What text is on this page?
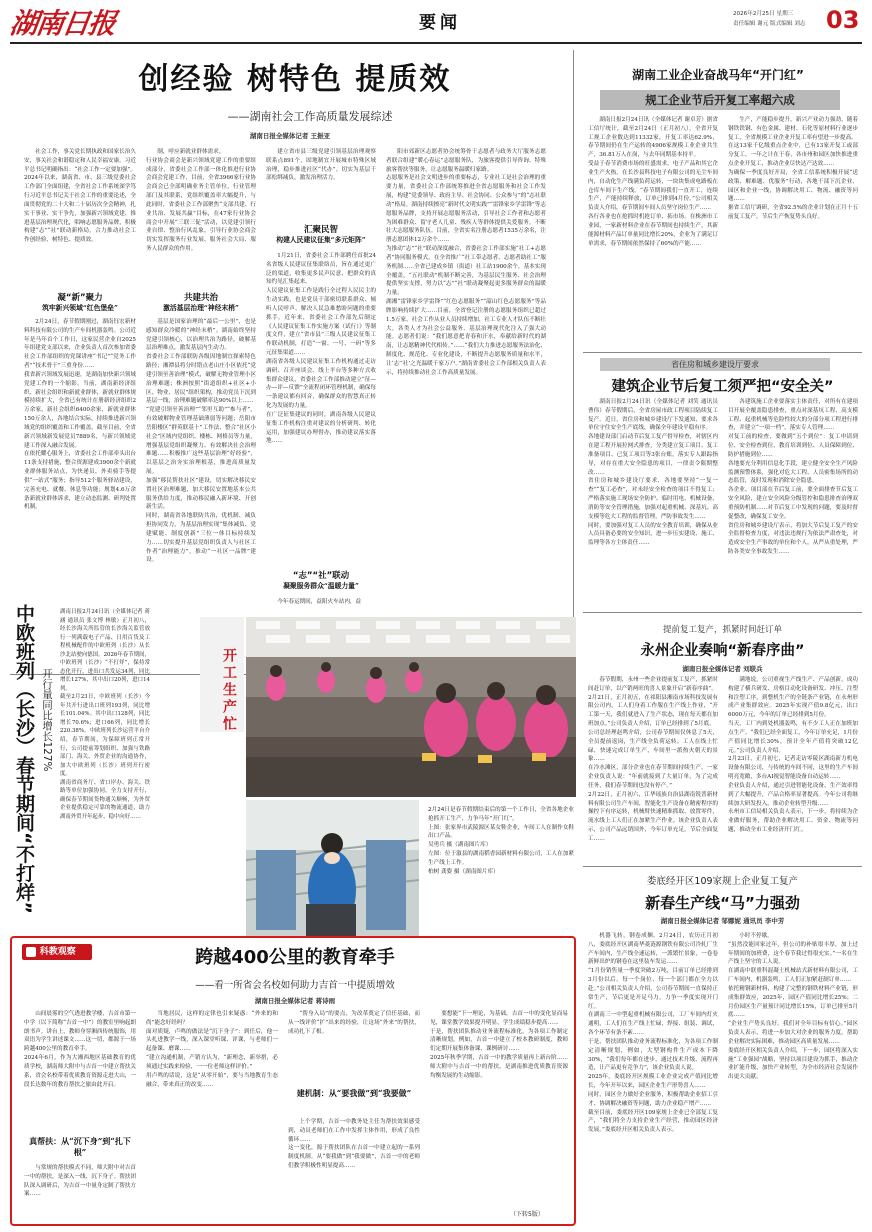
湖南日报	要闻	2026年2月25日 星期三
责任编辑 谢元 版式编辑 刘志 03
创经验 树特色 提质效
——湖南社会工作高质量发展综述
湖南日报全媒体记者 王振亚
社会工作，事关党长期执政和国家长治久安，事关社会和谐稳定和人民幸福安康。习近平总书记明确指出：“社会工作一定要加强”。
2024年以来，湖南省、市、县三级党委社会工作部门全面组建，全省社会工作系统深学笃行习近平总书记关于社会工作的重要论述，全面贯彻党的二十大和二十届历次全会精神，扎实干事业、实干争先，加强新兴领域党建、推进基层治理现代化，唱响志愿服务品牌，积极构建“志”“社”联动新格局，合力推动社会工作创经验、树特色、提质效。
凝“新”聚力
筑牢新兴领域“红色堡垒”
2月24日，春节假期刚过，湖南钰宏新材料科技有限公司的生产车间机器轰鸣。公司近年是马年首个工作日，这家民营企业自2025年组建党支部以来，企业负责人首次参加省委社会工作部组织的党课讲座“书记”“党务工作者”“技术骨干”三重身份……
我省新兴领域发展迅速，是湖南加快新兴领域党建工作的一个缩影。当前，湖南新经济组织、新社会组织和新就业群体，新就业群体规模持续扩大，全省已有统计在册新经济组织2万余家，新社会组织6400余家，新就业群体150万余人，各地结合实际，持续推进新兴领域党的组织覆盖和工作覆盖。截至目前，全省新兴领域新发展党员7889名，与新兴领域党建工作深入融合发展。
在依托耀心服务上，省委社会工作部牵头出台11条支持措施，整合资源建成3900余个新就业群体服务站点，为快递员、外卖骑手等提供“一站式”服务；指导512个服务驿站建设，完善充电、就餐、休息等功能；规划4.6万余条新就业群体诉求，建立动态监测、研判处置机制。
制，呼应新就业群体需求。
行业协会商会是新兴领域党建工作的重要组成部分，省委社会工作部一体化推进行业协会商会党建工作，目前，全省3966家行业协会商会已全部明确业务主管单位，行业管理部门及其联系，党组织覆盖率大幅提升，与此同时，省委社会工作部聚焦“支部共建、行业共治、发展共赢”目标，在47家行业协会商会中开展“三联三促”活动，以党建引领行业自律、整治行风乱象，引导行业协会商会切实发挥服务行业发展、服务社会大局、服务人民群众的作用。
共建共治
激活基层治理“神经末梢”
基层是国家治理的“最后一公里”，也是感知群众冷暖的“神经末梢”。湖南始终坚持党建引领核心，以治理共治为路径，破解基层治理难点，激发基层内生动力。
省委社会工作部联防各级因地制宜探索特色路径；湘潭县将分时错点老山庄小区依托“党建引领至善治理”模式，破解无物业管理小区治理难题；株洲按照“街道组织+社区+小区、物业、居民”组织架构，推动党员下沉到基层一线，治理难题破解率达90%以上……
“党建引领至善治理”“邻里互助”“参与者”，有效破解物业管理基础薄弱等问题；岳阳市岳阳楼区“群英联基十”工作法，整合“社区小社会”区域内党组织、楼栋、网格员等力量，增强基层党组织凝聚力、有效解决社会治理难题……积极推广这些基层治理“好经验”，以基层之治夯实治理根基，推进高质量发展。
加强“移民帮扶社区”建设，切实解决移民安置社区治理难题，加大移民安置地基本公共服务供给力度，推动移民融入新环境、开创新生活。
同时，湖南省各地联防共治，优机制、减负担协同发力，为基层治理实现“集体减负、党建赋能、制度创新”三位一体目标持续发力……切实提升基层党组织负责人与社区工作者“治理能力”，推动“一社区一品牌”建设。
建立省市县三级党建引领基层治理观察联系点891个，固地制宜开展城市特殊区域治理，稳步推进社区“代办”。切实为基层干部松绑减负，激发治理活力。
汇聚民智
构建人民建议征集“多元矩阵”
1月21日，省委社会工作部聘任首批24名省级人民建议征集联络员，旨在通过更广泛的渠道，收集更多民声民意，把群众的真知灼见汇集起来。
人民建议征集工作是践行全过程人民民主的生动实践，也是党员干部密切联系群众、倾听人民呼声、解决人民急难愁盼问题的重要抓手。近年来，省委社会工作部先后制定《人民建议征集工作实施方案（试行）》等制度文件，建立“省市县”三级人民建议征集工作联动机制，打造“一窗、一号、一码”等多元征集渠道……
湖南省各级人民建议征集工作机构通过走访调研、召开座谈会、线上平台等多种方式收集群众建议，省委社会工作部推动建立“征—办—评—反馈”全流程闭环管理机制，确保每一条建议都有回音，确保群众的智慧真正转化为发展的力量。
在广泛征集建议的同时，湖南各级人民建议征集工作机构注重对建议的分析研判、转化运用，加强建议办理督办，推动建议落实落地……
“志”“社”联动
凝聚服务群众“温暖力量”
今年春运期间，益阳火车站内，益
阳市郊新区志愿者协会统筹骨干志愿者与政务大厅服务志愿者联合组建“暖心春运”志愿服务队，为旅客提供引导咨询、特殊旅客帮扶等服务，让志愿服务温暖归家路。
志愿服务是社会文明进步的重要标志，专业社工是社会治理的重要力量，省委社会工作部统筹推进全省志愿服务和社会工作发展，构建“党委领导、政府主导、社会协同、公众参与”的“志社联动”格局。湖南持续擦亮“新时代文明实践”“雷锋家乡学雷锋”等志愿服务品牌，支持开展志愿服务活动，引导社会工作者和志愿者为困难群众、留守老人儿童、残疾人等群体提供关爱服务，不断壮大志愿服务队伍。目前，全省实名注册志愿者1535万余名，注册志愿团体12万余个……
为推动“志”“社”联动深度融合，省委社会工作部实施“社工+志愿者”协同服务模式，在全省推广“社工带志愿者、志愿者助社工”服务机制……全省已建成乡镇（街道）社工站1900余个，基本实现全覆盖，“五社联动”机制不断完善，为基层民生服务、社会治理提供坚实支撑，努力以“志”“社”联动凝聚起更多服务群众的温暖力量。
湖湘“雷锋家乡学雷锋”“红色志愿服务”“韶山红色志愿服务”等品牌影响持续扩大……目前，全省登记注册的志愿服务组织已超过1.5万家，社会工作从业人员持续增加，社工专业人才队伍不断壮大，各类人才为社会公益服务、基层治理现代化注入了强大动能。志愿者们说：“我们愿意把青春和汗水，奉献给新时代的湖南，让志愿精神代代相传。”……“我们大力推进志愿服务法治化、制度化、规范化、专业化建设，不断提升志愿服务质量和水平，让‘志’‘社’之光温暖千家万户。”湖南省委社会工作部相关负责人表示，将持续推动社会工作高质量发展。
湖南工业企业奋战马年“开门红”
规工企业节后开复工率超六成
湖南日报2月24日讯（全媒体记者 谢卓芳）据省工信厅统计，截至2月24日（正月初八），全省开复工规工企业数达到11332家，开复工率达62.9%，春节期间仍在生产运转的4906家规模工业企业共生产，36.81万人在岗，与去年同期基本持平。
受益于春节消费市场的旺盛需求，电子产品和其它企业生产火热，在长沙县科技电子有限公司的无尘车间内，自动化生产线满负荷运转，一块块集成电路板在仓库车间下生产线。“春节期间我们一直开工，连续生产，产能持续释放，订单已排到4月份。”公司相关负责人介绍，春节期间车间人员坚守岗位生产……
各行各业也在抢抓时机抢订单、拓市场。在株洲市工业园，一家新材料企业在春节期间也持续生产，其新能源材料产品订单量同比增长20%，企业为了满足订单需求，春节期间依然保持了60%的产能……
生产，产能稳步提升，新兴产业动力强劲，随着钢铁铁钢、有色金属、建材、石化等原材料行业逐步复工，全省规模工业企业开复工率有望进一步提高。
在这13家千亿级重点企业中，已有13家开复工或部分复工。一年之计在于春，各市州和园区加快推进重点企业开复工，推动企业尽快达产达效……
为确保一季度良好开局，全省工信系统积极开展“送政策、解难题、优服务”行动，各地干部下沉企业、园区和企业一线，协调解决用工、物流、融资等问题……
据省工信厅调研，全省92.5%的企业计划在正月十五前复工复产，节后生产恢复势头良好。
省住房和城乡建设厅要求
建筑企业节后复工须严把“安全关”
湖南日报2月24日讯（全媒体记者 刘笑 通讯员 曹伟）春节假期后，全省房屋市政工程项目陆续复工复产。近日，省住房和城乡建设厅下发通知，要求各单位守住安全生产底线，确保全年建设平稳有序。
各地建设部门启动节后复工复产督导检查，对辖区内在建工程开展拉网式排查，分类建立复工项目、复工准备项目、已复工项目等3张台账，落实专人跟踪指导，对存在重大安全隐患的项目，一律责令限期整改……
省住房和城乡建设厅要求，各地要坚持“一复一查”“复工必查”，对未经安全检查的项目不得复工；严格落实施工现场安全防护、临时用电、机械设备、消防等安全管理措施，加强对起重机械、深基坑、高支模等危大工程的监督管理，严防事故发生……
同时，要加强对复工人员的安全教育培训，确保从业人员具备必要的安全知识，进一步压实建设、施工、监理等各方主体责任……
各建筑施工企业要落实主体责任，对所有在建项目开展全覆盖隐患排查，重点对深基坑工程、高支模工程、起重机械等危险性较大的分部分项工程进行排查，并建立“一项一档”，落实专人管理……
对复工前的检查，要做到“五个到位”：复工申请到位、安全检查到位、教育培训到位、人员保障到位、防护措施到位……
各地要充分利用信息化手段，建立健全安全生产风险监测预警体系，强化对危大工程、人员密集场所的动态监管，及时发现和消除安全隐患。
各企业、项目部在节后复工前，要全面排查节后复工安全风险，建立安全风险分级管控和隐患排查治理双重预防机制……对节后复工中发现的问题，要及时督促整改，确保复工安全。
省住房和城乡建设厅表示，将加大节后复工复产的安全监督检查力度，对违法违规行为依法严肃查处，对造成安全生产事故的单位和个人，从严从重处理，严防各类安全事故发生……
中欧班列（长沙）春节期间“不打烊” 开行量同比增长127%
湖南日报2月24日讯（全媒体记者 蒋涵 通讯员 张文博 林敏）正月初八，经长沙海关所监管的长沙海关监管放行一列满载电子产品、日用百货及工程机械配件的中欧班列（长沙）从长沙北站驶向德国。2026年春节期间，中欧班列（长沙）“不打烊”，保持常态化开行，进出口共发运34列，同比增长127%，其中出口20列，进口14列。
截至2月23日，中欧班列（长沙）今年共开行进出口班列193列，同比增长101.04%。其中出口128列，同比增长70.6%；进口66列，同比增长220.38%。中欧班列长沙运营平台介绍，春节期间，为保障班列正常开行，公司提前筹划组织，加强与铁路部门、海关、外贸企业的沟通协作，加大中欧班列（长沙）班列开行密度。
湖南省商务厅、省口岸办、海关、铁路等单位加强协同，全力支持开行，确保春节期间货物通关顺畅，为外贸企业提供稳定可靠的物流通道，助力湖南外贸开年起步、稳中向好……
开工生产忙
2月24日是春节假期结束后的第一个工作日，全省各地企业抢抓开工生产，力争马年“开门红”。
上图：张家界市武陵源区某女鞋企业，车间工人在制作女鞋出口产品。
吴勇兵 摄（湖南图片库）
左图：位于溆县的湖南稻香园新材料有限公司，工人在加紧生产线上工作。
柏树 龚姿 摄（湖南图片库）
提前复工复产，抓紧时间赶订单
永州企业奏响“新春序曲”
湖南日报全媒体记者 刘联兵
春节假期，永州一些企业提前复工复产，抓紧时间赶订单，以产销两旺的喜人景象开启“新春序曲”。
2月21日，正月初五，在祁阳县湘南市场科技发展有限公司内，工人们身着工作服在生产线上作业，“开工第一天，我们就进入了生产状态，现在每天都在加班加点。”公司负责人介绍，订单已经排到了5月底。
公司总经理赵鸣介绍，公司春节期间仅休息了5天，全员提前返岗，生产线全负荷运转。工人在线上忙碌，快速完成订单生产，车间里一派热火朝天的景象……
在冷水滩区，部分企业也在春节期间持续生产。一家企业负责人说：“年前就接到了大量订单，为了完成任务，我们春节期间也没有停产。”
2月22日，正月初六，江华瑶族自治县湖南锐普新材料有限公司生产车间，智能化生产设备在精密程序的操控下有序运转，机械臂快速精准抓取、放置零件，流水线上工人们正在加紧生产作业。该企业负责人表示，公司产品远销国外，今年订单充足，节后全面复工……
满地说，公司重视生产线生产、产品创新，成功构建了横兵研发、房格目动化设备研发、冲压、注塑和注塑工序，到整机生产的全链条产业链，在永州形成产业集群效应。2025年实现产值9.8亿元，出口6000万元，今年的订单已经排到5月份。
当天，工厂内到处机器轰鸣，有不少工人正在加班加点生产。“我们已经全面复工，今年订单充足，1月份产值同比增长30%，预计全年产值将突破12亿元。”公司负责人介绍。
2月23日，正月初七，记者走访零陵区湖南新力机电设备有限公司，与传统的车间不同，这里的生产车间明亮宽敞，多台AI视觉智能设备自动运转……
企业负责人介绍，通过引进智能化设备，生产效率得到了大幅提升，产品合格率显著提高。今年公司将继续加大研发投入，推动企业转型升级……
永州市工信局相关负责人表示，下一步，将持续为企业做好服务，帮助企业解决用工、资金、物流等问题，推动全市工业经济开门红。
娄底经开区109家规上企业复工复产
新春生产线“马”力强劲
湖南日报全媒体记者 邹娜妮 通讯员 李中芳
机器飞转，钢卷成捆。2月24日，农历正月初八，娄底经开区湖南华菱涟源钢铁有限公司冷轧厂生产车间内，生产线全速运转，一派繁忙景象，一卷卷新鲜出炉的钢卷在这里装车发运……
“1月份销售量一季度突破2万吨，目前订单已经排到3月份以后。每一个岗位、每一个部门都在全力以赴。”公司相关负责人介绍，公司春节期间一直保持正常生产，节后更是开足马力，力争一季度实现开门红。
在湖南三一中型起重机械有限公司，工厂车间内灯火通明，工人们在生产线上忙碌，焊接、组装、调试，各个环节有条不紊……
于是，帮扶团队推动业务流程标准化，为各项工作制定清晰规划，例如，大型钢构件生产成本下降30%，“我们每年都在进步，通过技术升级、流程再造，让产品更有竞争力”，该企业负责人说。
2025年，娄底经开区规模工业企业完成产值同比增长，今年开年以来，园区企业生产形势喜人……
同时，园区全力做好企业服务，积极帮助企业招工引才、协调解决融资等问题，助力企业稳产增产……
截至目前，娄底经开区109家规上企业已全部复工复产，“我们将全力支持企业生产经营，推动园区经济发展。”娄底经开区相关负责人表示。
小时不停歇。
“虽然没能回家过年，但公司的补贴很丰厚，加上过年期间的加班费，这个春节我过得很充实。”一名在生产线上坚守的工人说。
在湖南中联重科混凝土机械站式新材料有限公司，工厂车间内，机器轰鸣，工人们正加紧赶制订单……
依托精钢新材料，构建了完整的钢铁材料产业链，形成集群效应，2025年，园区产值同比增长25%；二月份园区生产量预计同比增长15%，订单已排至5月底……
“企业生产势头良好，我们对全年目标有信心。”园区负责人表示，将进一步加大对企业的服务力度，帮助企业解决实际困难，推动园区高质量发展……
娄底经开区相关负责人介绍，下一步，园区将深入实施“工业强园”战略，坚持以项目建设为抓手，推动企业扩能升级，加快产业转型，为全市经济社会发展作出更大贡献。
科教观察	跨越400公里的教育牵手
——看一所省会名校如何助力吉首一中提质增效
湖南日报全媒体记者 蒋诗雨
山间晨雾的空气透进教学楼，吉首市第一中学（以下简称“吉首一中”）的教室里响起朗朗书声。讲台上，教师身穿湘西传统服饰，用双语为学生讲述课文……这一切，都源于一场跨越400公里的教育牵手。
2024年6月，作为大湘西地区基础教育的优质学校，湖南师大附中与吉首一中建立帮扶关系，省会名校带着优质教育资源走进大山，一段长达数年的教育帮扶之旅由此开启。
真帮扶：从“沉下身”到“扎下根”
与常规的帮扶模式不同，师大附中对吉首一中的帮扶，是深入一线、沉下身子。帮扶团队深入调研后，为吉首一中量身定制了帮扶方案……
当地居民，这样的定律也引来疑惑：“外来的和尚”能念好经吗？
面对质疑，卢鸣的做法是“沉下身子”：到任后，他一头扎进教学一线，深入课堂听课、评课，与老师们一起备课、磨课……
“建立沟通机制，产销方认为，“新理念，新举措，必须通过实践来检验，一一位老师这样评价。”
用卢鸣的话说，这是“从零开始”，要与当地教育生态融合，带来真正的改变……
“帮身入局”的要点，为改革奠定了信任基础，而从一线评价“扩”出来的经验，让这场“外来”的帮扶，成功扎下了根。
建机制：从“要我做”到“我要做”
上个学期，吉首一中教务处主任为帮扶效果感受到，动员老师们在工作中发挥主体作用，形成了良性循环……
这一变化，源于帮扶团队在吉首一中建立起的一系列制度机制。从“要我做”到“我要做”，吉首一中的老师们教学积极性明显提高……
要想能“下一理论，为基础，吉首一中的变化显而易见，课堂教学效果提升明显，学生成绩稳步提高……
于是，帮扶团队推动业务流程标准化，为各项工作制定清晰规划，例如，吉首一中建立了校本教研制度，教师们定期开展集体备课、课例研讨……
2025年秋季学期，吉首一中的教学质量再上新台阶……师大附中与吉首一中的帮扶，是湖南推进优质教育资源均衡发展的生动缩影。
（下转5版）
